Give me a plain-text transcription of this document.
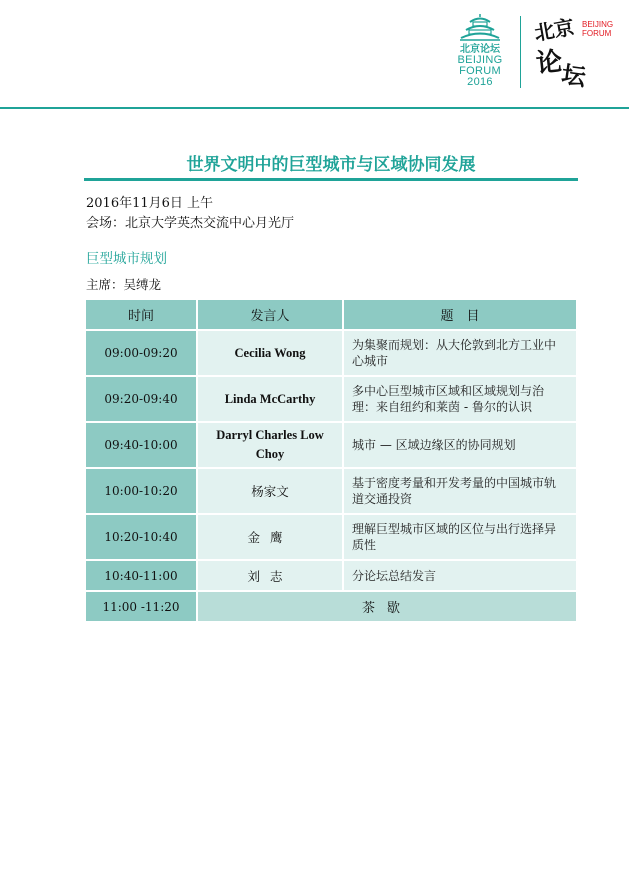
北京论坛
BEIJING
FORUM
2016
北京
论
坛
BEIJING
FORUM
世界文明中的巨型城市与区域协同发展
2016年11月6日 上午
会场：北京大学英杰交流中心月光厅
巨型城市规划
主席：吴缚龙
时间	发言人	题　目
09:00-09:20	Cecilia Wong	为集聚而规划：从大伦敦到北方工业中心城市
09:20-09:40	Linda McCarthy	多中心巨型城市区域和区域规划与治理：来自纽约和莱茵 - 鲁尔的认识
09:40-10:00	Darryl Charles Low Choy	城市 — 区域边缘区的协同规划
10:00-10:20	杨家文	基于密度考量和开发考量的中国城市轨道交通投资
10:20-10:40	金鹰	理解巨型城市区域的区位与出行选择异质性
10:40-11:00	刘志	分论坛总结发言
11:00 -11:20	茶歇	
